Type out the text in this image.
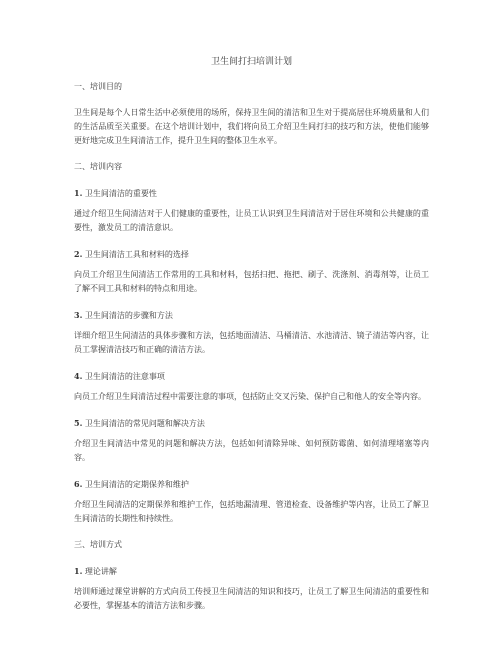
卫生间打扫培训计划

一、培训目的

卫生间是每个人日常生活中必须使用的场所，保持卫生间的清洁和卫生对于提高居住环境质量和人们的生活品质至关重要。在这个培训计划中，我们将向员工介绍卫生间打扫的技巧和方法，使他们能够更好地完成卫生间清洁工作，提升卫生间的整体卫生水平。

二、培训内容

1. 卫生间清洁的重要性

通过介绍卫生间清洁对于人们健康的重要性，让员工认识到卫生间清洁对于居住环境和公共健康的重要性，激发员工的清洁意识。

2. 卫生间清洁工具和材料的选择

向员工介绍卫生间清洁工作常用的工具和材料，包括扫把、拖把、刷子、洗涤剂、消毒剂等，让员工了解不同工具和材料的特点和用途。

3. 卫生间清洁的步骤和方法

详细介绍卫生间清洁的具体步骤和方法，包括地面清洁、马桶清洁、水池清洁、镜子清洁等内容，让员工掌握清洁技巧和正确的清洁方法。

4. 卫生间清洁的注意事项

向员工介绍卫生间清洁过程中需要注意的事项，包括防止交叉污染、保护自己和他人的安全等内容。

5. 卫生间清洁的常见问题和解决方法

介绍卫生间清洁中常见的问题和解决方法，包括如何清除异味、如何预防霉菌、如何清理堵塞等内容。

6. 卫生间清洁的定期保养和维护

介绍卫生间清洁的定期保养和维护工作，包括地漏清理、管道检查、设备维护等内容，让员工了解卫生间清洁的长期性和持续性。

三、培训方式

1. 理论讲解

培训师通过课堂讲解的方式向员工传授卫生间清洁的知识和技巧，让员工了解卫生间清洁的重要性和必要性，掌握基本的清洁方法和步骤。
